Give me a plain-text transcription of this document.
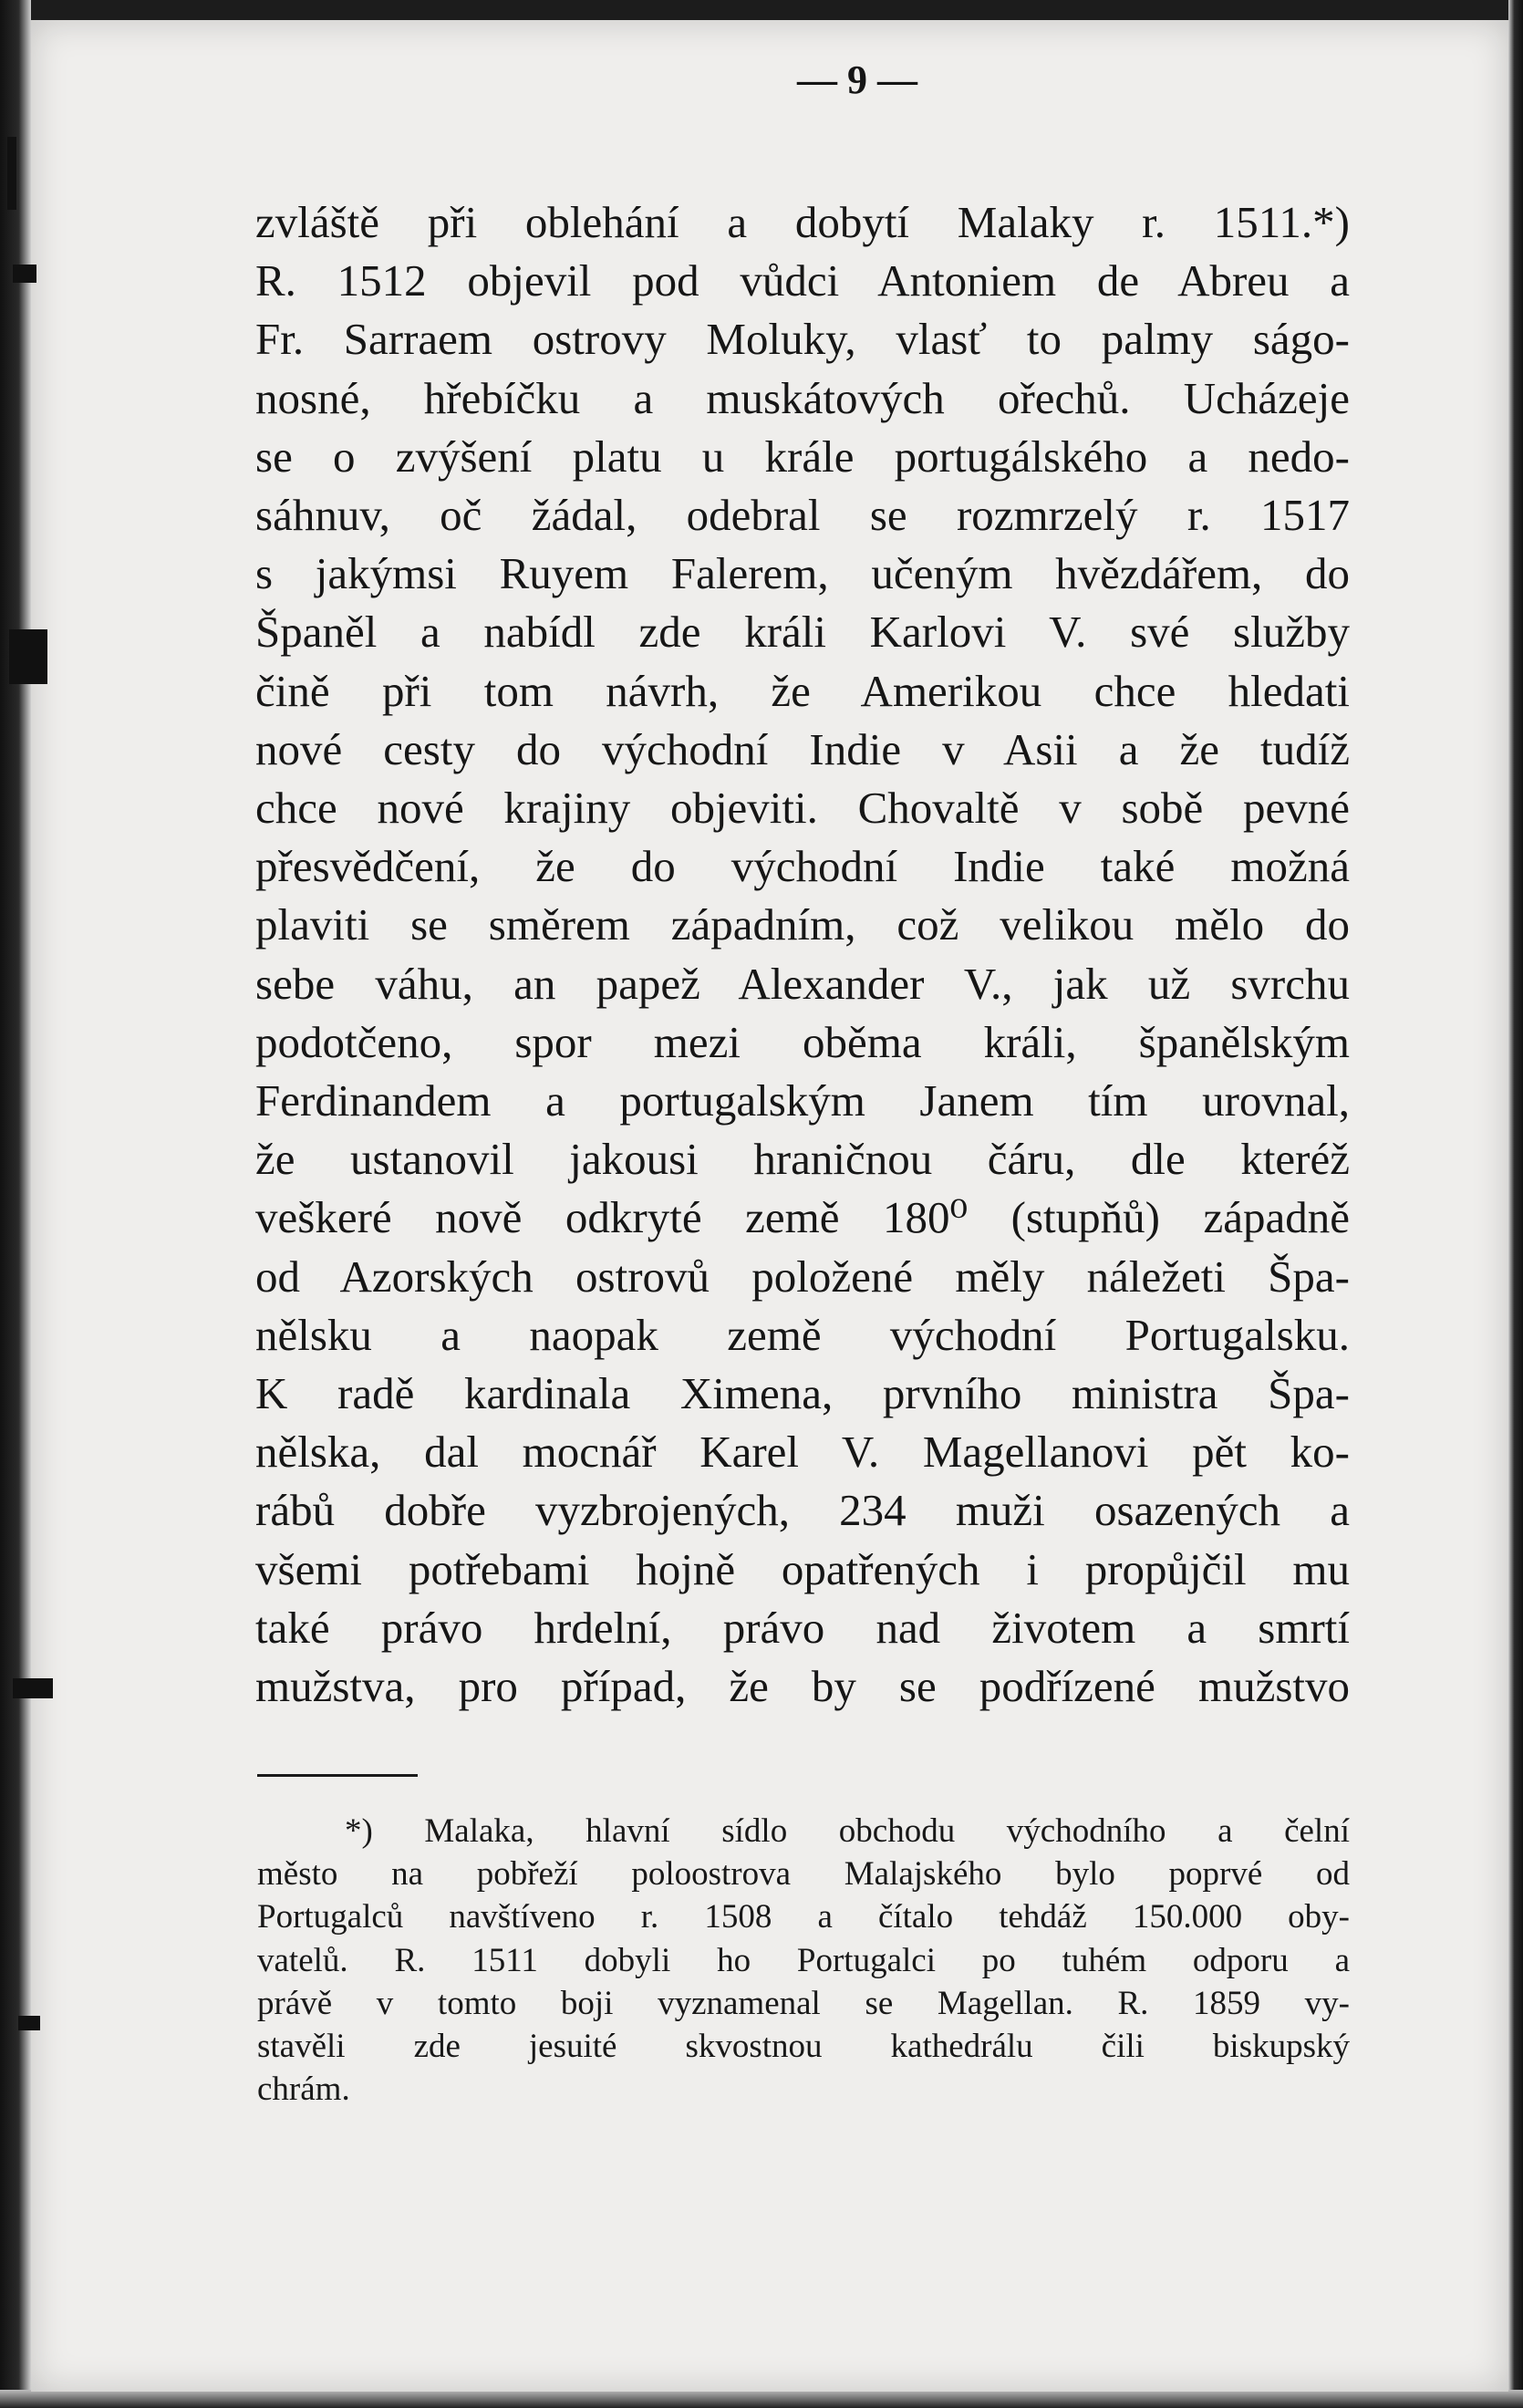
— 9 —
zvláště při oblehání a dobytí Malaky r. 1511.*)
R. 1512 objevil pod vůdci Antoniem de Abreu a
Fr. Sarraem ostrovy Moluky, vlasť to palmy ságo-
nosné, hřebíčku a muskátových ořechů. Ucházeje
se o zvýšení platu u krále portugálského a nedo-
sáhnuv, oč žádal, odebral se rozmrzelý r. 1517
s jakýmsi Ruyem Falerem, učeným hvězdářem, do
Španěl a nabídl zde králi Karlovi V. své služby
čině při tom návrh, že Amerikou chce hledati
nové cesty do východní Indie v Asii a že tudíž
chce nové krajiny objeviti. Chovaltě v sobě pevné
přesvědčení, že do východní Indie také možná
plaviti se směrem západním, což velikou mělo do
sebe váhu, an papež Alexander V., jak už svrchu
podotčeno, spor mezi oběma králi, španělským
Ferdinandem a portugalským Janem tím urovnal,
že ustanovil jakousi hraničnou čáru, dle kteréž
veškeré nově odkryté země 180⁰ (stupňů) západně
od Azorských ostrovů položené měly náležeti Špa-
nělsku a naopak země východní Portugalsku.
K radě kardinala Ximena, prvního ministra Špa-
nělska, dal mocnář Karel V. Magellanovi pět ko-
rábů dobře vyzbrojených, 234 muži osazených a
všemi potřebami hojně opatřených i propůjčil mu
také právo hrdelní, právo nad životem a smrtí
mužstva, pro případ, že by se podřízené mužstvo
*) Malaka, hlavní sídlo obchodu východního a čelní
město na pobřeží poloostrova Malajského bylo poprvé od
Portugalců navštíveno r. 1508 a čítalo tehdáž 150.000 oby-
vatelů. R. 1511 dobyli ho Portugalci po tuhém odporu a
právě v tomto boji vyznamenal se Magellan. R. 1859 vy-
stavěli zde jesuité skvostnou kathedrálu čili biskupský
chrám.
